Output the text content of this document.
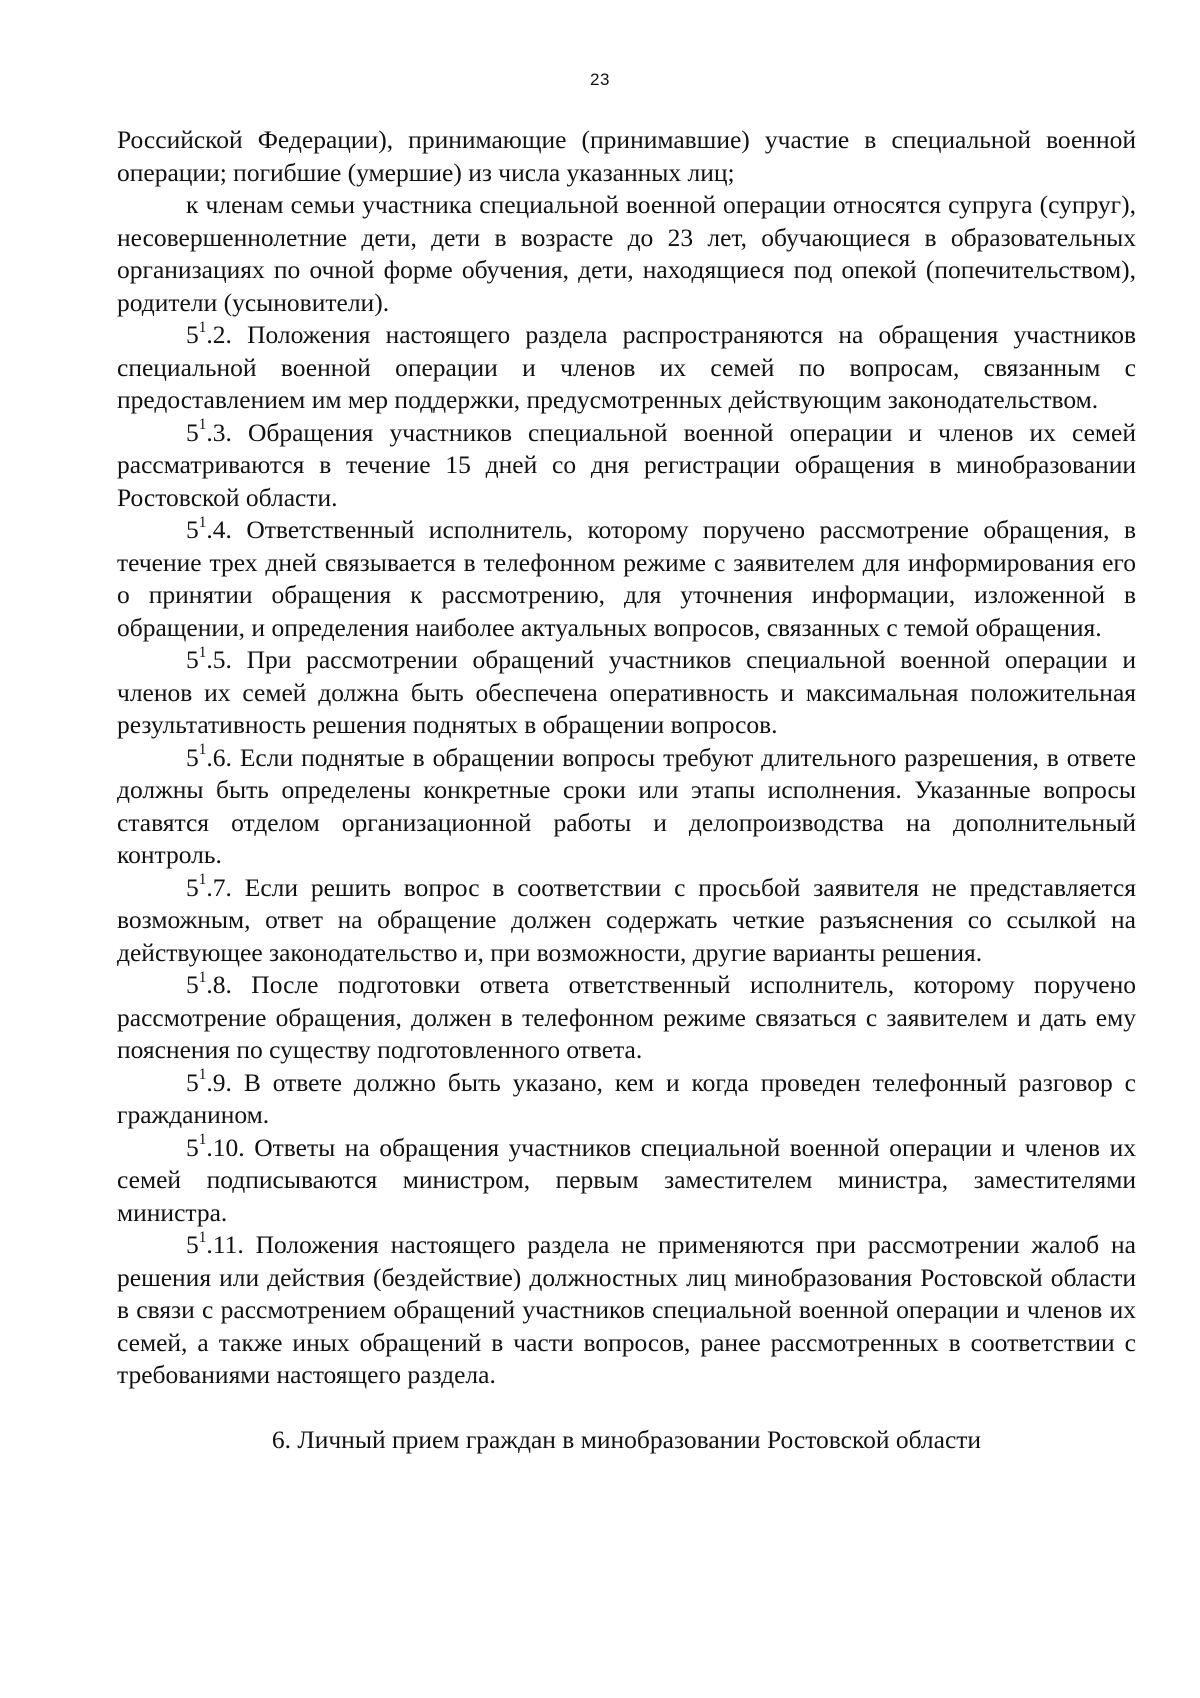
23

Российской Федерации), принимающие (принимавшие) участие в специальной военной операции; погибшие (умершие) из числа указанных лиц;

к членам семьи участника специальной военной операции относятся супруга (супруг), несовершеннолетние дети, дети в возрасте до 23 лет, обучающиеся в образовательных организациях по очной форме обучения, дети, находящиеся под опекой (попечительством), родители (усыновители).

$5^1.2$. Положения настоящего раздела распространяются на обращения участников специальной военной операции и членов их семей по вопросам, связанным с предоставлением им мер поддержки, предусмотренных действующим законодательством.

$5^1.3$. Обращения участников специальной военной операции и членов их семей рассматриваются в течение 15 дней со дня регистрации обращения в минобразовании Ростовской области.

$5^1.4$. Ответственный исполнитель, которому поручено рассмотрение обращения, в течение трех дней связывается в телефонном режиме с заявителем для информирования его о принятии обращения к рассмотрению, для уточнения информации, изложенной в обращении, и определения наиболее актуальных вопросов, связанных с темой обращения.

$5^1.5$. При рассмотрении обращений участников специальной военной операции и членов их семей должна быть обеспечена оперативность и максимальная положительная результативность решения поднятых в обращении вопросов.

$5^1.6$. Если поднятые в обращении вопросы требуют длительного разрешения, в ответе должны быть определены конкретные сроки или этапы исполнения. Указанные вопросы ставятся отделом организационной работы и делопроизводства на дополнительный контроль.

$5^1.7$. Если решить вопрос в соответствии с просьбой заявителя не представляется возможным, ответ на обращение должен содержать четкие разъяснения со ссылкой на действующее законодательство и, при возможности, другие варианты решения.

$5^1.8$. После подготовки ответа ответственный исполнитель, которому поручено рассмотрение обращения, должен в телефонном режиме связаться с заявителем и дать ему пояснения по существу подготовленного ответа.

$5^1.9$. В ответе должно быть указано, кем и когда проведен телефонный разговор с гражданином.

$5^1.10$. Ответы на обращения участников специальной военной операции и членов их семей подписываются министром, первым заместителем министра, заместителями министра.

$5^1.11$. Положения настоящего раздела не применяются при рассмотрении жалоб на решения или действия (бездействие) должностных лиц минобразования Ростовской области в связи с рассмотрением обращений участников специальной военной операции и членов их семей, а также иных обращений в части вопросов, ранее рассмотренных в соответствии с требованиями настоящего раздела.

6. Личный прием граждан в минобразовании Ростовской области
